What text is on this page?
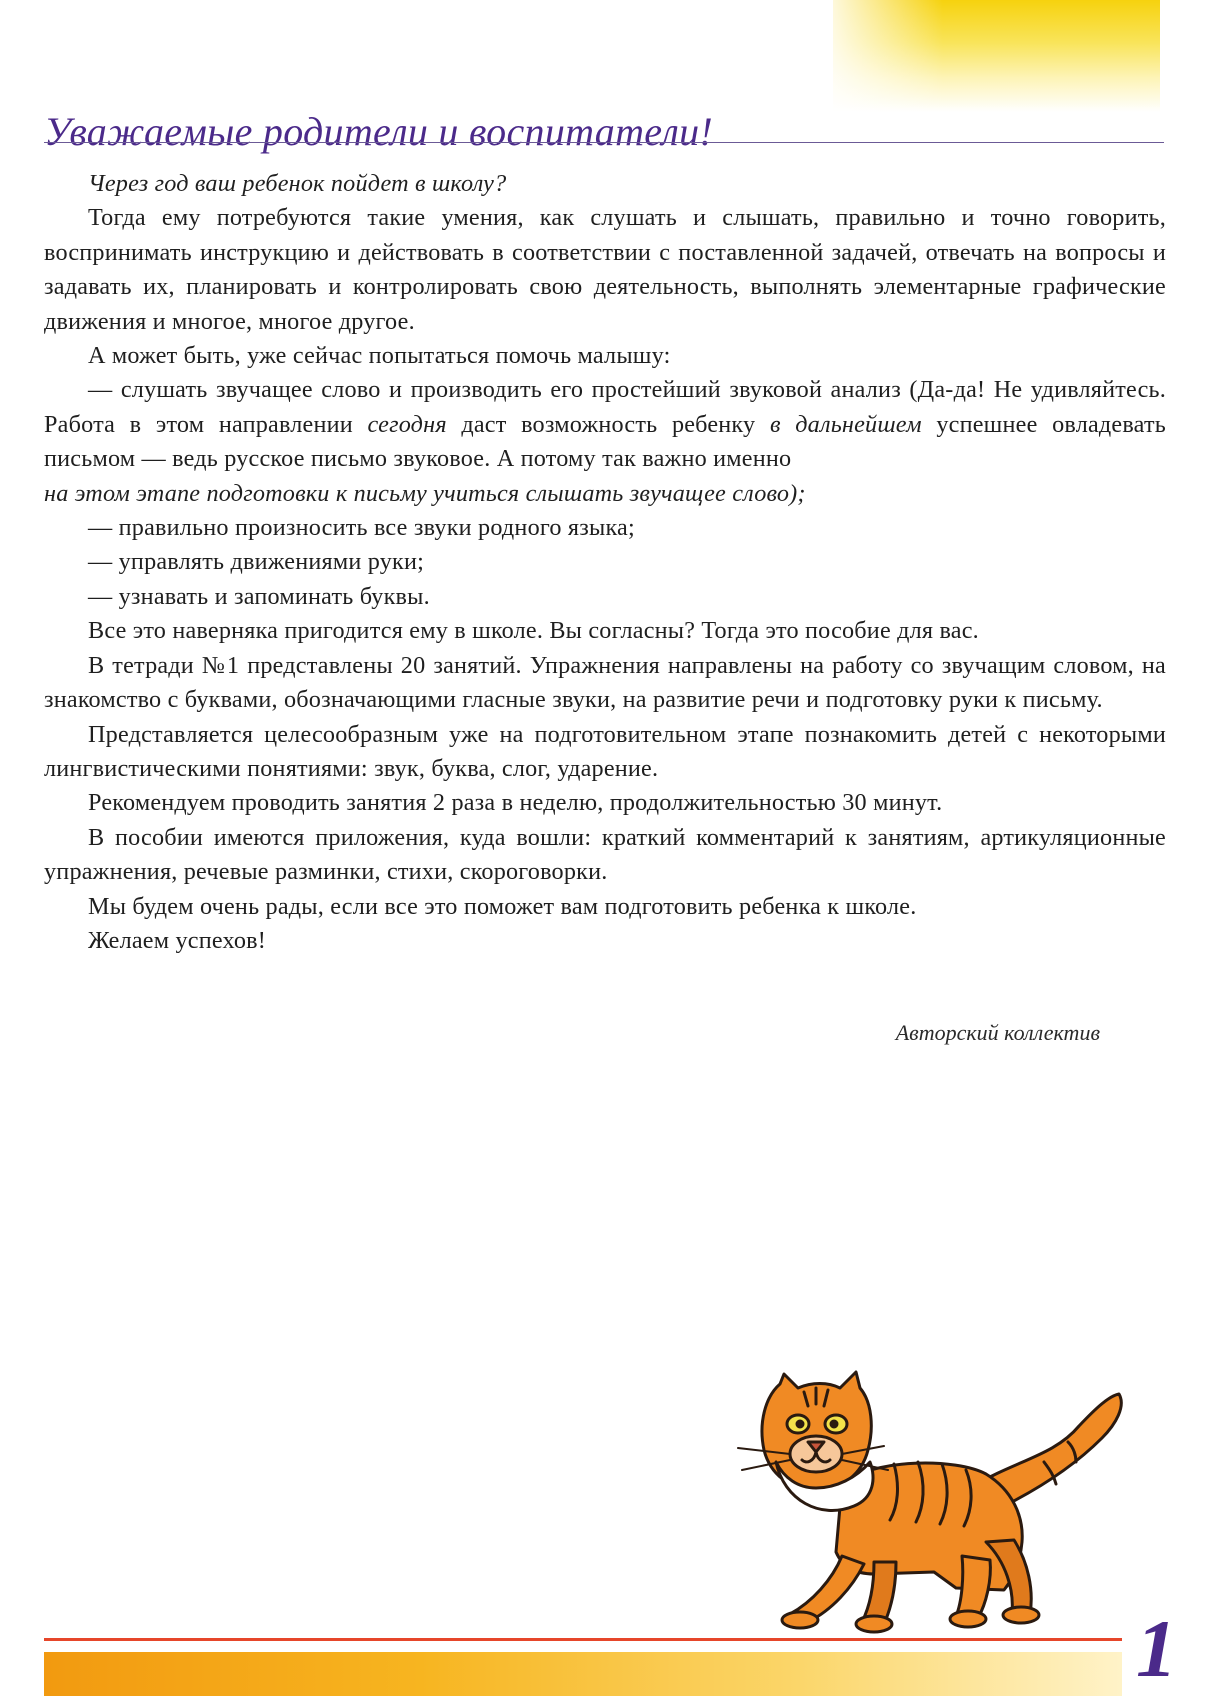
Уважаемые родители и воспитатели!

Через год ваш ребенок пойдет в школу?

Тогда ему потребуются такие умения, как слушать и слышать, правильно и точно говорить, воспринимать инструкцию и действовать в соответствии с поставленной задачей, отвечать на вопросы и задавать их, планировать и контролировать свою деятельность, выполнять элементарные графические движения и многое, многое другое.

А может быть, уже сейчас попытаться помочь малышу:

— слушать звучащее слово и производить его простейший звуковой анализ (Да-да! Не удивляйтесь. Работа в этом направлении сегодня даст возможность ребенку в дальнейшем успешнее овладевать письмом — ведь русское письмо звуковое. А потому так важно именно

на этом этапе подготовки к письму учиться слышать звучащее слово);

— правильно произносить все звуки родного языка;

— управлять движениями руки;

— узнавать и запоминать буквы.

Все это наверняка пригодится ему в школе. Вы согласны? Тогда это пособие для вас.

В тетради №1 представлены 20 занятий. Упражнения направлены на работу со звучащим словом, на знакомство с буквами, обозначающими гласные звуки, на развитие речи и подготовку руки к письму.

Представляется целесообразным уже на подготовительном этапе познакомить детей с некоторыми лингвистическими понятиями: звук, буква, слог, ударение.

Рекомендуем проводить занятия 2 раза в неделю, продолжительностью 30 минут.

В пособии имеются приложения, куда вошли: краткий комментарий к занятиям, артикуляционные упражнения, речевые разминки, стихи, скороговорки.

Мы будем очень рады, если все это поможет вам подготовить ребенка к школе.

Желаем успехов!

Авторский коллектив
1
